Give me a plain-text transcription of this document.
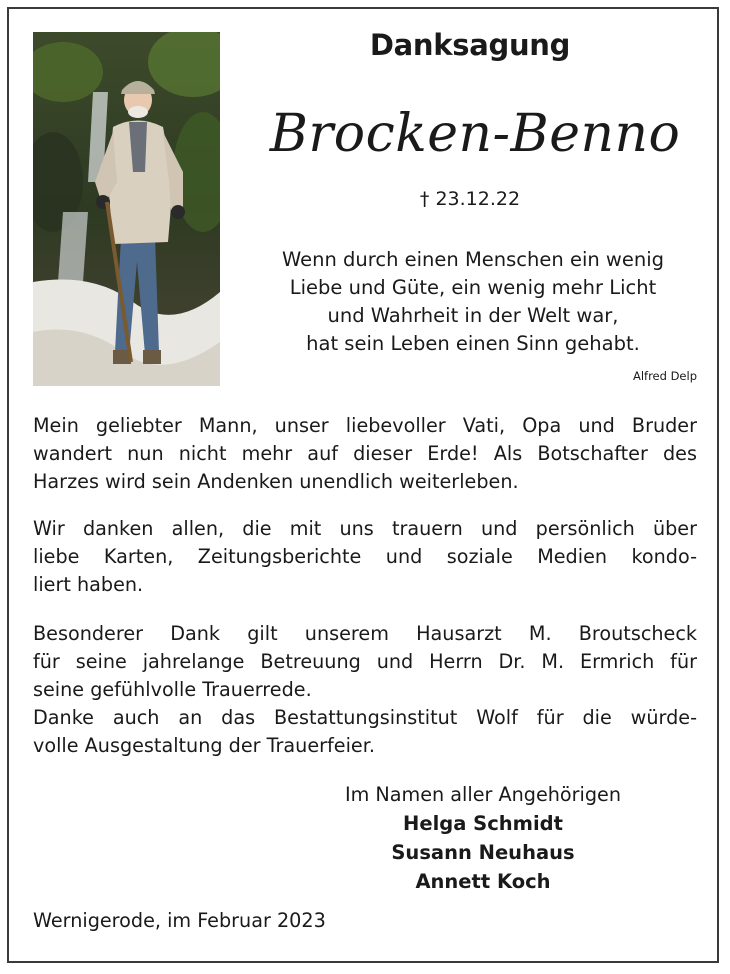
Danksagung
Brocken-Benno
† 23.12.22
Wenn durch einen Menschen ein wenig
Liebe und Güte, ein wenig mehr Licht
und Wahrheit in der Welt war,
hat sein Leben einen Sinn gehabt.
Alfred Delp
Mein geliebter Mann, unser liebevoller Vati, Opa und Bruder
wandert nun nicht mehr auf dieser Erde! Als Botschafter des
Harzes wird sein Andenken unendlich weiterleben.
Wir danken allen, die mit uns trauern und persönlich über
liebe Karten, Zeitungsberichte und soziale Medien kondo-
liert haben.
Besonderer Dank gilt unserem Hausarzt M. Broutscheck
für seine jahrelange Betreuung und Herrn Dr. M. Ermrich für
seine gefühlvolle Trauerrede.
Danke auch an das Bestattungsinstitut Wolf für die würde-
volle Ausgestaltung der Trauerfeier.
Im Namen aller Angehörigen
Helga Schmidt
Susann Neuhaus
Annett Koch
Wernigerode, im Februar 2023
